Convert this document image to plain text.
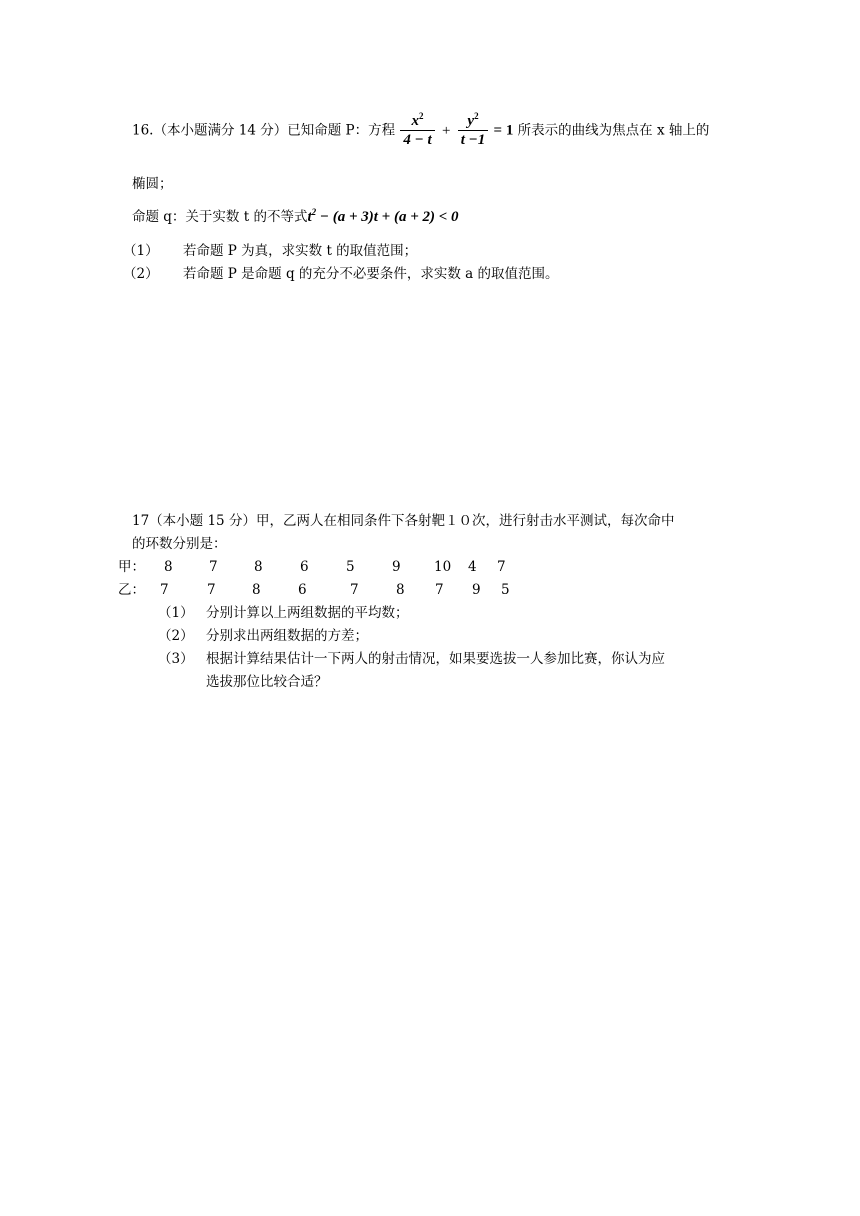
16.（本小题满分 14 分）已知命题 P：方程 $\frac{x^2}{4 - t} + \frac{y^2}{t -1} = 1$ 所表示的曲线为焦点在 x 轴上的
椭圆；
命题 q：关于实数 t 的不等式$t^2 - (a + 3)t + (a + 2) < 0$
（1） 若命题 P 为真，求实数 t 的取值范围；
（2） 若命题 P 是命题 q 的充分不必要条件，求实数 a 的取值范围。
17（本小题 15 分）甲，乙两人在相同条件下各射靶１０次，进行射击水平测试，每次命中
的环数分别是：
甲： 8	7	8	6	5	9 10 4 7
乙： 7	7	8	6	7	8 7 9 5
（1） 分别计算以上两组数据的平均数；
（2） 分别求出两组数据的方差；
（3） 根据计算结果估计一下两人的射击情况，如果要选拔一人参加比赛，你认为应
选拔那位比较合适？
